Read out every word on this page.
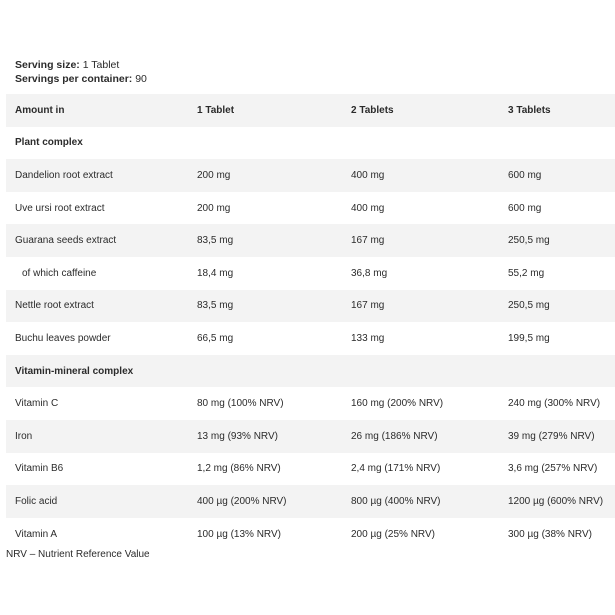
Serving size: 1 Tablet
Servings per container: 90
Amount in	1 Tablet	2 Tablets	3 Tablets
Plant complex
Dandelion root extract	200 mg	400 mg	600 mg
Uve ursi root extract	200 mg	400 mg	600 mg
Guarana seeds extract	83,5 mg	167 mg	250,5 mg
of which caffeine	18,4 mg	36,8 mg	55,2 mg
Nettle root extract	83,5 mg	167 mg	250,5 mg
Buchu leaves powder	66,5 mg	133 mg	199,5 mg
Vitamin-mineral complex
Vitamin C	80 mg (100% NRV)	160 mg (200% NRV)	240 mg (300% NRV)
Iron	13 mg (93% NRV)	26 mg (186% NRV)	39 mg (279% NRV)
Vitamin B6	1,2 mg (86% NRV)	2,4 mg (171% NRV)	3,6 mg (257% NRV)
Folic acid	400 µg (200% NRV)	800 µg (400% NRV)	1200 µg (600% NRV)
Vitamin A	100 µg (13% NRV)	200 µg (25% NRV)	300 µg (38% NRV)
NRV – Nutrient Reference Value
